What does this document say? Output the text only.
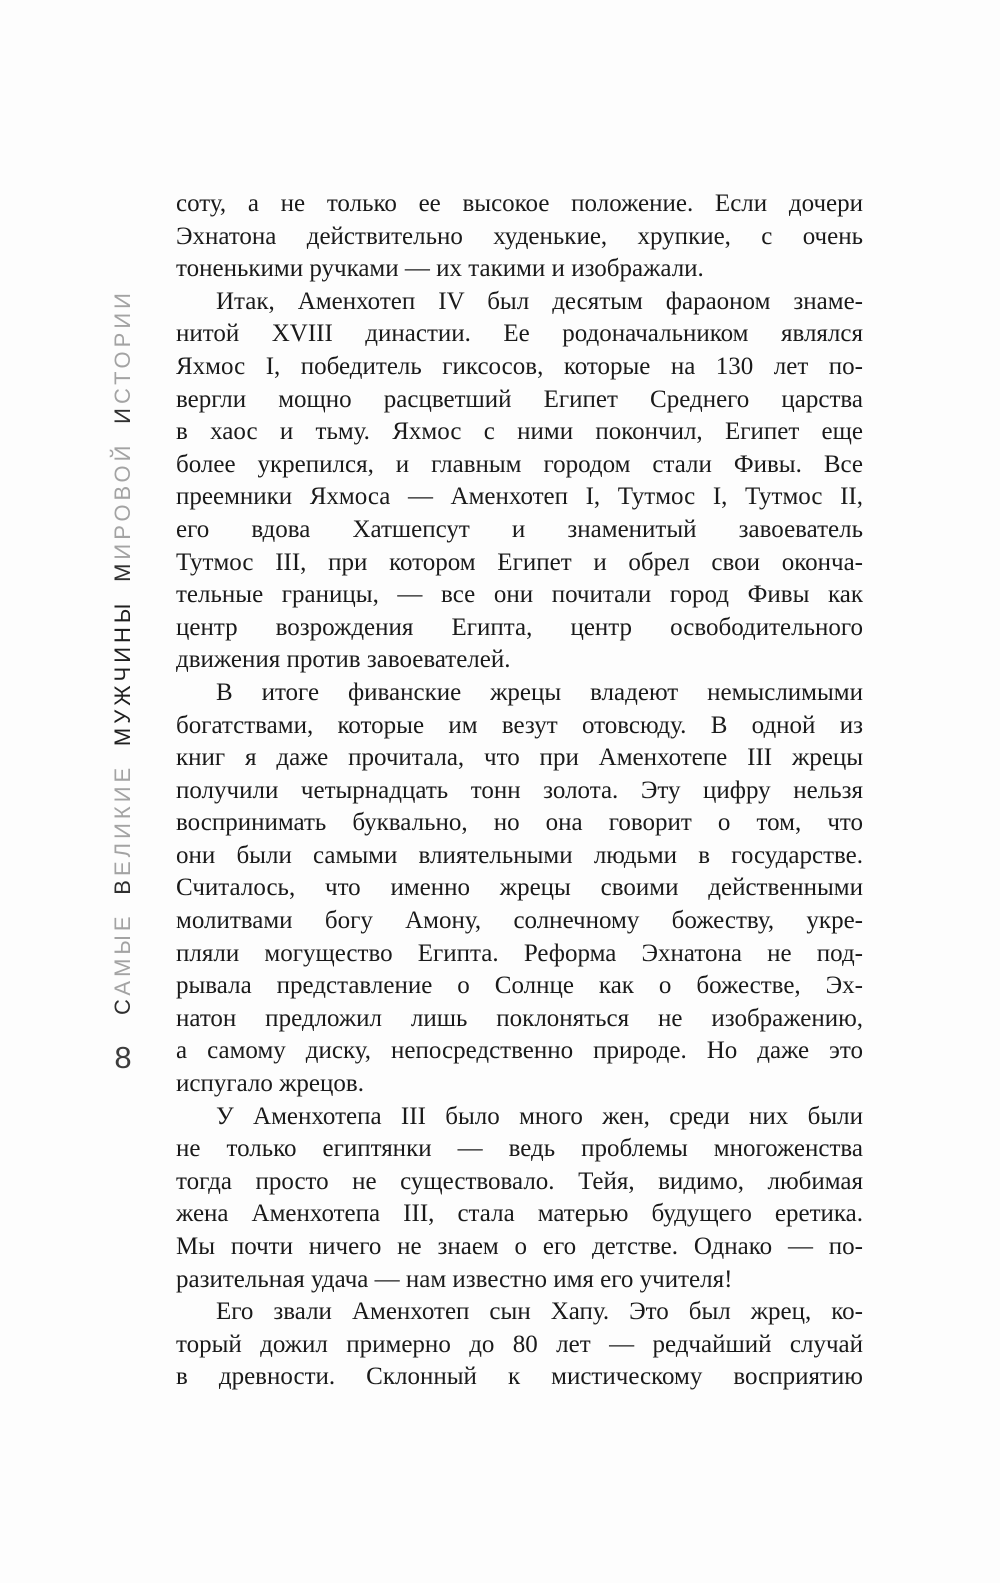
САМЫЕ
ВЕЛИКИЕ
МУЖЧИНЫ
МИРОВОЙ
ИСТОРИИ
8
соту, а не только ее высокое положение. Если дочери
Эхнатона действительно худенькие, хрупкие, с очень
тоненькими ручками — их такими и изображали.
Итак, Аменхотеп IV был десятым фараоном знаме-
нитой XVIII династии. Ее родоначальником являлся
Яхмос I, победитель гиксосов, которые на 130 лет по-
вергли мощно расцветший Египет Среднего царства
в хаос и тьму. Яхмос с ними покончил, Египет еще
более укрепился, и главным городом стали Фивы. Все
преемники Яхмоса — Аменхотеп I, Тутмос I, Тутмос II,
его вдова Хатшепсут и знаменитый завоеватель
Тутмос III, при котором Египет и обрел свои оконча-
тельные границы, — все они почитали город Фивы как
центр возрождения Египта, центр освободительного
движения против завоевателей.
В итоге фиванские жрецы владеют немыслимыми
богатствами, которые им везут отовсюду. В одной из
книг я даже прочитала, что при Аменхотепе III жрецы
получили четырнадцать тонн золота. Эту цифру нельзя
воспринимать буквально, но она говорит о том, что
они были самыми влиятельными людьми в государстве.
Считалось, что именно жрецы своими действенными
молитвами богу Амону, солнечному божеству, укре-
пляли могущество Египта. Реформа Эхнатона не под-
рывала представление о Солнце как о божестве, Эх-
натон предложил лишь поклоняться не изображению,
а самому диску, непосредственно природе. Но даже это
испугало жрецов.
У Аменхотепа III было много жен, среди них были
не только египтянки — ведь проблемы многоженства
тогда просто не существовало. Тейя, видимо, любимая
жена Аменхотепа III, стала матерью будущего еретика.
Мы почти ничего не знаем о его детстве. Однако — по-
разительная удача — нам известно имя его учителя!
Его звали Аменхотеп сын Хапу. Это был жрец, ко-
торый дожил примерно до 80 лет — редчайший случай
в древности. Склонный к мистическому восприятию
